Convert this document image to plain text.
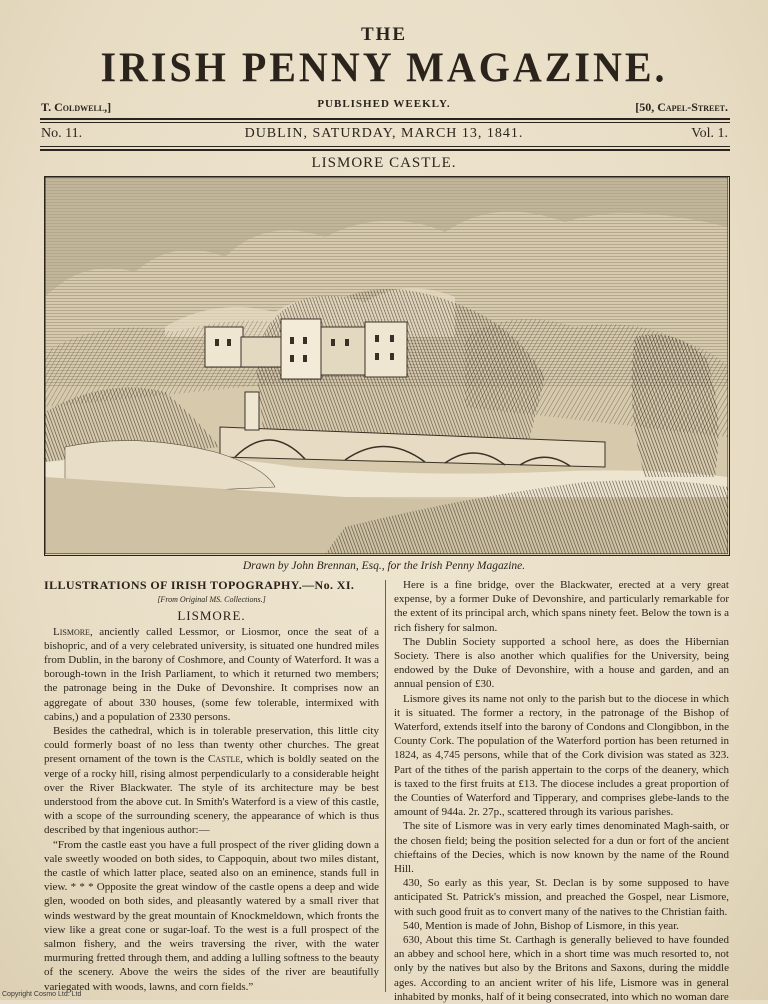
THE
IRISH PENNY MAGAZINE.
T. Coldwell,]	PUBLISHED WEEKLY.	[50, Capel-Street.
No. 11.	DUBLIN, SATURDAY, MARCH 13, 1841.	Vol. 1.
LISMORE CASTLE.
Drawn by John Brennan, Esq., for the Irish Penny Magazine.
ILLUSTRATIONS OF IRISH TOPOGRAPHY.—No. XI.
[From Original MS. Collections.]
LISMORE.

Lismore, anciently called Lessmor, or Liosmor, once the seat of a bishopric, and of a very celebrated university, is situated one hundred miles from Dublin, in the barony of Coshmore, and County of Waterford. It was a borough-town in the Irish Parliament, to which it returned two members; the patronage being in the Duke of Devonshire. It comprises now an aggregate of about 330 houses, (some few tolerable, intermixed with cabins,) and a population of 2330 persons.

Besides the cathedral, which is in tolerable preservation, this little city could formerly boast of no less than twenty other churches. The great present ornament of the town is the Castle, which is boldly seated on the verge of a rocky hill, rising almost perpendicularly to a considerable height over the River Blackwater. The style of its architecture may be best understood from the above cut. In Smith's Waterford is a view of this castle, with a scope of the surrounding scenery, the appearance of which is thus described by that ingenious author:—

“From the castle east you have a full prospect of the river gliding down a vale sweetly wooded on both sides, to Cappoquin, about two miles distant, the castle of which latter place, seated also on an eminence, stands full in view. * * * Opposite the great window of the castle opens a deep and wide glen, wooded on both sides, and pleasantly watered by a small river that winds westward by the great mountain of Knockmeldown, which fronts the view like a great cone or sugar-loaf. To the west is a full prospect of the salmon fishery, and the weirs traversing the river, with the water murmuring fretted through them, and adding a lulling softness to the beauty of the scenery. Above the weirs the sides of the river are beautifully variegated with woods, lawns, and corn fields.”

Here is a fine bridge, over the Blackwater, erected at a very great expense, by a former Duke of Devonshire, and particularly remarkable for the extent of its principal arch, which spans ninety feet. Below the town is a rich fishery for salmon.

The Dublin Society supported a school here, as does the Hibernian Society. There is also another which qualifies for the University, being endowed by the Duke of Devonshire, with a house and garden, and an annual pension of £30.

Lismore gives its name not only to the parish but to the diocese in which it is situated. The former a rectory, in the patronage of the Bishop of Waterford, extends itself into the barony of Condons and Clongibbon, in the County Cork. The population of the Waterford portion has been returned in 1824, as 4,745 persons, while that of the Cork division was stated as 323. Part of the tithes of the parish appertain to the corps of the deanery, which is taxed to the first fruits at £13. The diocese includes a great proportion of the Counties of Waterford and Tipperary, and comprises glebe-lands to the amount of 944a. 2r. 27p., scattered through its various parishes.

The site of Lismore was in very early times denominated Magh-saith, or the chosen field; being the position selected for a dun or fort of the ancient chieftains of the Decies, which is now known by the name of the Round Hill.

430, So early as this year, St. Declan is by some supposed to have anticipated St. Patrick's mission, and preached the Gospel, near Lismore, with such good fruit as to convert many of the natives to the Christian faith.

540, Mention is made of John, Bishop of Lismore, in this year.

630, About this time St. Carthagh is generally believed to have founded an abbey and school here, which in a short time was much resorted to, not only by the natives but also by the Britons and Saxons, during the middle ages. According to an ancient writer of his life, Lismore was in general inhabited by monks, half of it being consecrated, into which no woman dare

Copyright Cosmo Ltd. Ltd
